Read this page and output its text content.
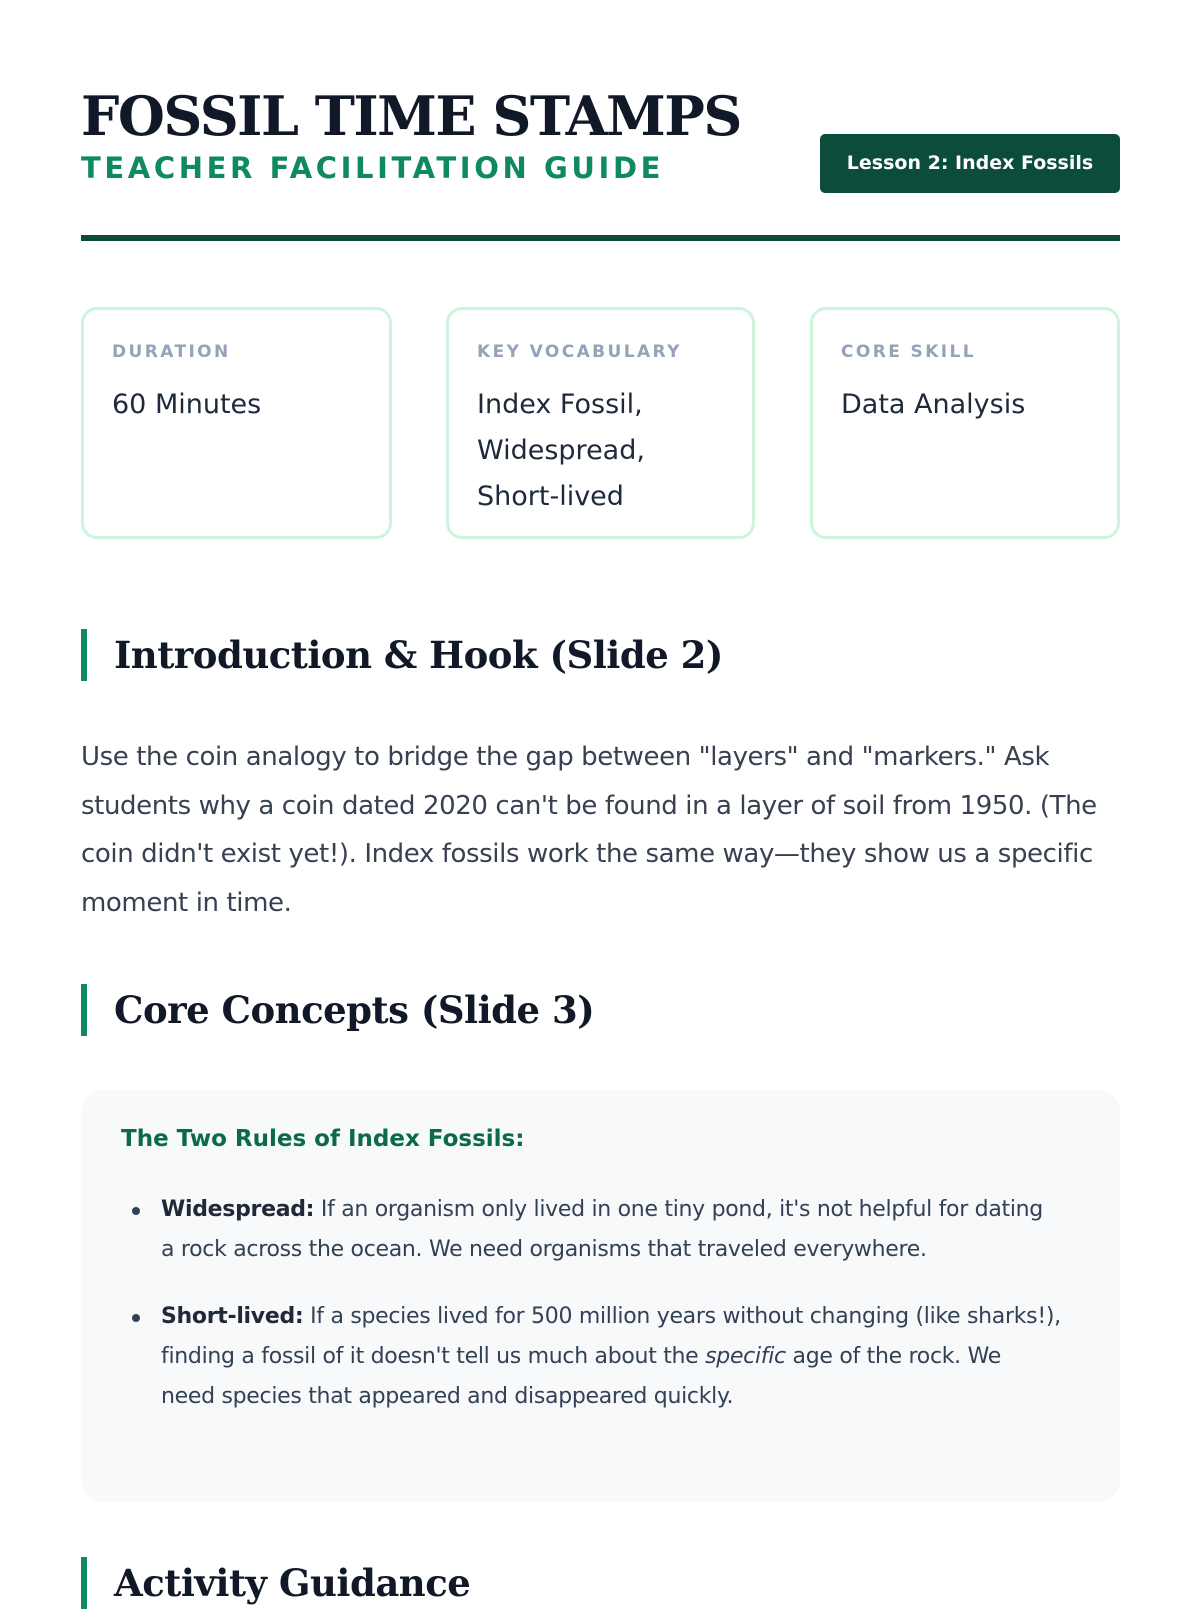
FOSSIL TIME STAMPS
TEACHER FACILITATION GUIDE	Lesson 2: Index Fossils
DURATION
60 Minutes
KEY VOCABULARY
Index Fossil,
Widespread,
Short-lived
CORE SKILL
Data Analysis
Introduction & Hook (Slide 2)

Use the coin analogy to bridge the gap between "layers" and "markers." Ask students why a coin dated 2020 can't be found in a layer of soil from 1950. (The coin didn't exist yet!). Index fossils work the same way—they show us a specific moment in time.

Core Concepts (Slide 3)
The Two Rules of Index Fossils:
Widespread: If an organism only lived in one tiny pond, it's not helpful for dating a rock across the ocean. We need organisms that traveled everywhere.
Short-lived: If a species lived for 500 million years without changing (like sharks!), finding a fossil of it doesn't tell us much about the specific age of the rock. We need species that appeared and disappeared quickly.
Activity Guidance
